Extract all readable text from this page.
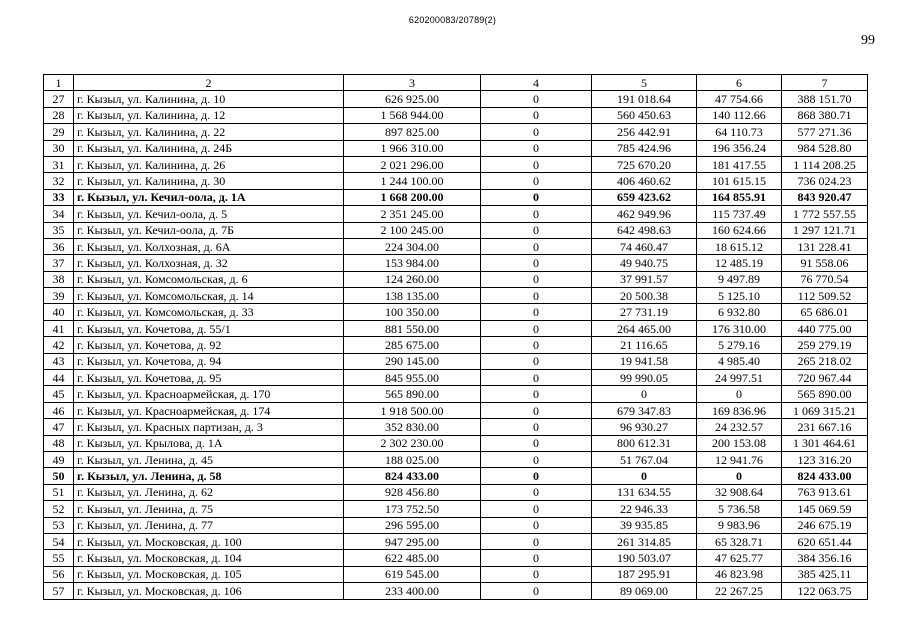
620200083/20789(2)
99
1	2	3	4	5	6	7
27	г. Кызыл, ул. Калинина, д. 10	626 925.00	0	191 018.64	47 754.66	388 151.70
28	г. Кызыл, ул. Калинина, д. 12	1 568 944.00	0	560 450.63	140 112.66	868 380.71
29	г. Кызыл, ул. Калинина, д. 22	897 825.00	0	256 442.91	64 110.73	577 271.36
30	г. Кызыл, ул. Калинина, д. 24Б	1 966 310.00	0	785 424.96	196 356.24	984 528.80
31	г. Кызыл, ул. Калинина, д. 26	2 021 296.00	0	725 670.20	181 417.55	1 114 208.25
32	г. Кызыл, ул. Калинина, д. 30	1 244 100.00	0	406 460.62	101 615.15	736 024.23
33	г. Кызыл, ул. Кечил-оола, д. 1А	1 668 200.00	0	659 423.62	164 855.91	843 920.47
34	г. Кызыл, ул. Кечил-оола, д. 5	2 351 245.00	0	462 949.96	115 737.49	1 772 557.55
35	г. Кызыл, ул. Кечил-оола, д. 7Б	2 100 245.00	0	642 498.63	160 624.66	1 297 121.71
36	г. Кызыл, ул. Колхозная, д. 6А	224 304.00	0	74 460.47	18 615.12	131 228.41
37	г. Кызыл, ул. Колхозная, д. 32	153 984.00	0	49 940.75	12 485.19	91 558.06
38	г. Кызыл, ул. Комсомольская, д. 6	124 260.00	0	37 991.57	9 497.89	76 770.54
39	г. Кызыл, ул. Комсомольская, д. 14	138 135.00	0	20 500.38	5 125.10	112 509.52
40	г. Кызыл, ул. Комсомольская, д. 33	100 350.00	0	27 731.19	6 932.80	65 686.01
41	г. Кызыл, ул. Кочетова, д. 55/1	881 550.00	0	264 465.00	176 310.00	440 775.00
42	г. Кызыл, ул. Кочетова, д. 92	285 675.00	0	21 116.65	5 279.16	259 279.19
43	г. Кызыл, ул. Кочетова, д. 94	290 145.00	0	19 941.58	4 985.40	265 218.02
44	г. Кызыл, ул. Кочетова, д. 95	845 955.00	0	99 990.05	24 997.51	720 967.44
45	г. Кызыл, ул. Красноармейская, д. 170	565 890.00	0	0	0	565 890.00
46	г. Кызыл, ул. Красноармейская, д. 174	1 918 500.00	0	679 347.83	169 836.96	1 069 315.21
47	г. Кызыл, ул. Красных партизан, д. 3	352 830.00	0	96 930.27	24 232.57	231 667.16
48	г. Кызыл, ул. Крылова, д. 1А	2 302 230.00	0	800 612.31	200 153.08	1 301 464.61
49	г. Кызыл, ул. Ленина, д. 45	188 025.00	0	51 767.04	12 941.76	123 316.20
50	г. Кызыл, ул. Ленина, д. 58	824 433.00	0	0	0	824 433.00
51	г. Кызыл, ул. Ленина, д. 62	928 456.80	0	131 634.55	32 908.64	763 913.61
52	г. Кызыл, ул. Ленина, д. 75	173 752.50	0	22 946.33	5 736.58	145 069.59
53	г. Кызыл, ул. Ленина, д. 77	296 595.00	0	39 935.85	9 983.96	246 675.19
54	г. Кызыл, ул. Московская, д. 100	947 295.00	0	261 314.85	65 328.71	620 651.44
55	г. Кызыл, ул. Московская, д. 104	622 485.00	0	190 503.07	47 625.77	384 356.16
56	г. Кызыл, ул. Московская, д. 105	619 545.00	0	187 295.91	46 823.98	385 425.11
57	г. Кызыл, ул. Московская, д. 106	233 400.00	0	89 069.00	22 267.25	122 063.75
